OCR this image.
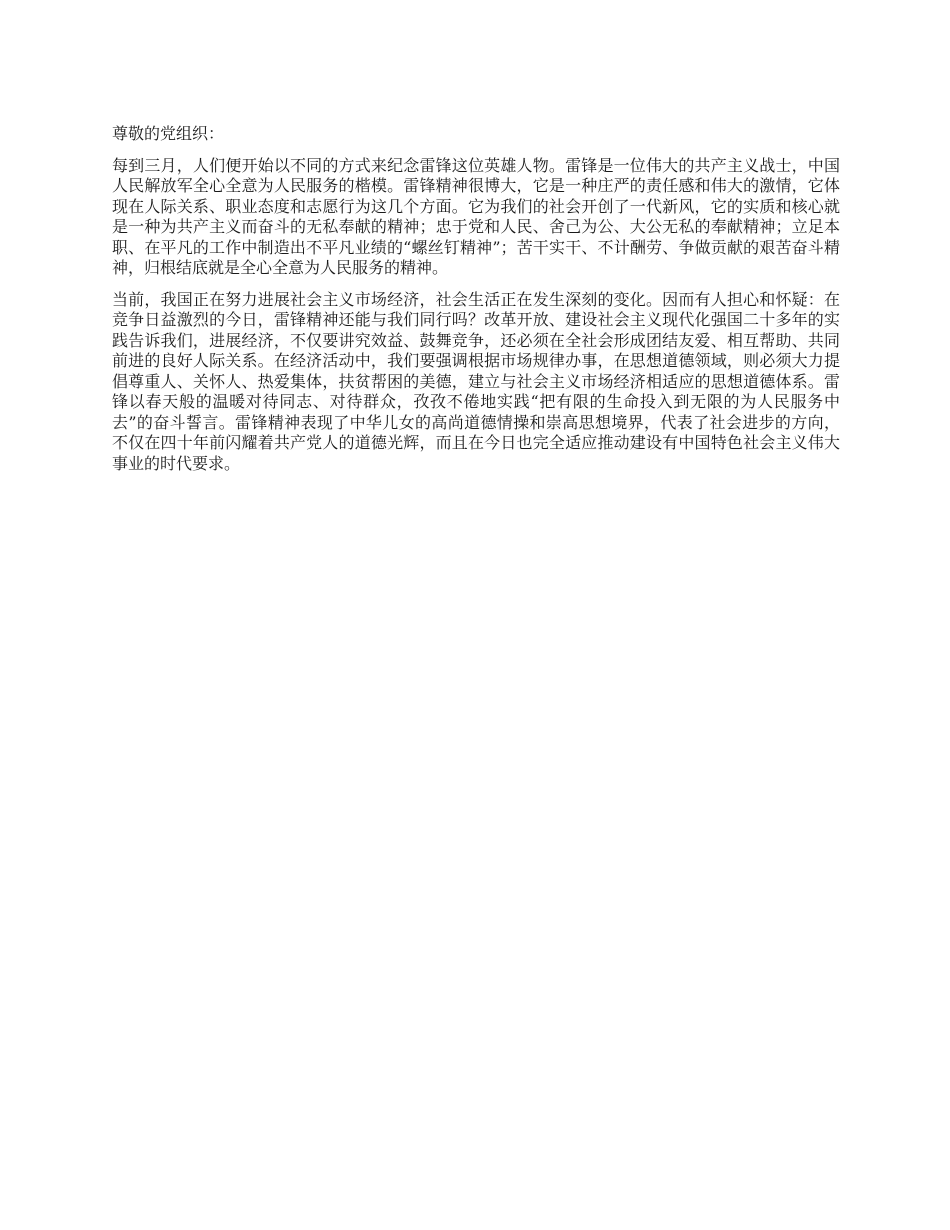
尊敬的党组织：

每到三月，人们便开始以不同的方式来纪念雷锋这位英雄人物。雷锋是一位伟大的共产主义战士，中国人民解放军全心全意为人民服务的楷模。雷锋精神很博大，它是一种庄严的责任感和伟大的激情，它体现在人际关系、职业态度和志愿行为这几个方面。它为我们的社会开创了一代新风，它的实质和核心就是一种为共产主义而奋斗的无私奉献的精神；忠于党和人民、舍己为公、大公无私的奉献精神；立足本职、在平凡的工作中制造出不平凡业绩的“螺丝钉精神”；苦干实干、不计酬劳、争做贡献的艰苦奋斗精神，归根结底就是全心全意为人民服务的精神。

当前，我国正在努力进展社会主义市场经济，社会生活正在发生深刻的变化。因而有人担心和怀疑：在竞争日益激烈的今日，雷锋精神还能与我们同行吗？改革开放、建设社会主义现代化强国二十多年的实践告诉我们，进展经济，不仅要讲究效益、鼓舞竞争，还必须在全社会形成团结友爱、相互帮助、共同前进的良好人际关系。在经济活动中，我们要强调根据市场规律办事，在思想道德领域，则必须大力提倡尊重人、关怀人、热爱集体，扶贫帮困的美德，建立与社会主义市场经济相适应的思想道德体系。雷锋以春天般的温暖对待同志、对待群众，孜孜不倦地实践“把有限的生命投入到无限的为人民服务中去”的奋斗誓言。雷锋精神表现了中华儿女的高尚道德情操和崇高思想境界，代表了社会进步的方向，不仅在四十年前闪耀着共产党人的道德光辉，而且在今日也完全适应推动建设有中国特色社会主义伟大事业的时代要求。
